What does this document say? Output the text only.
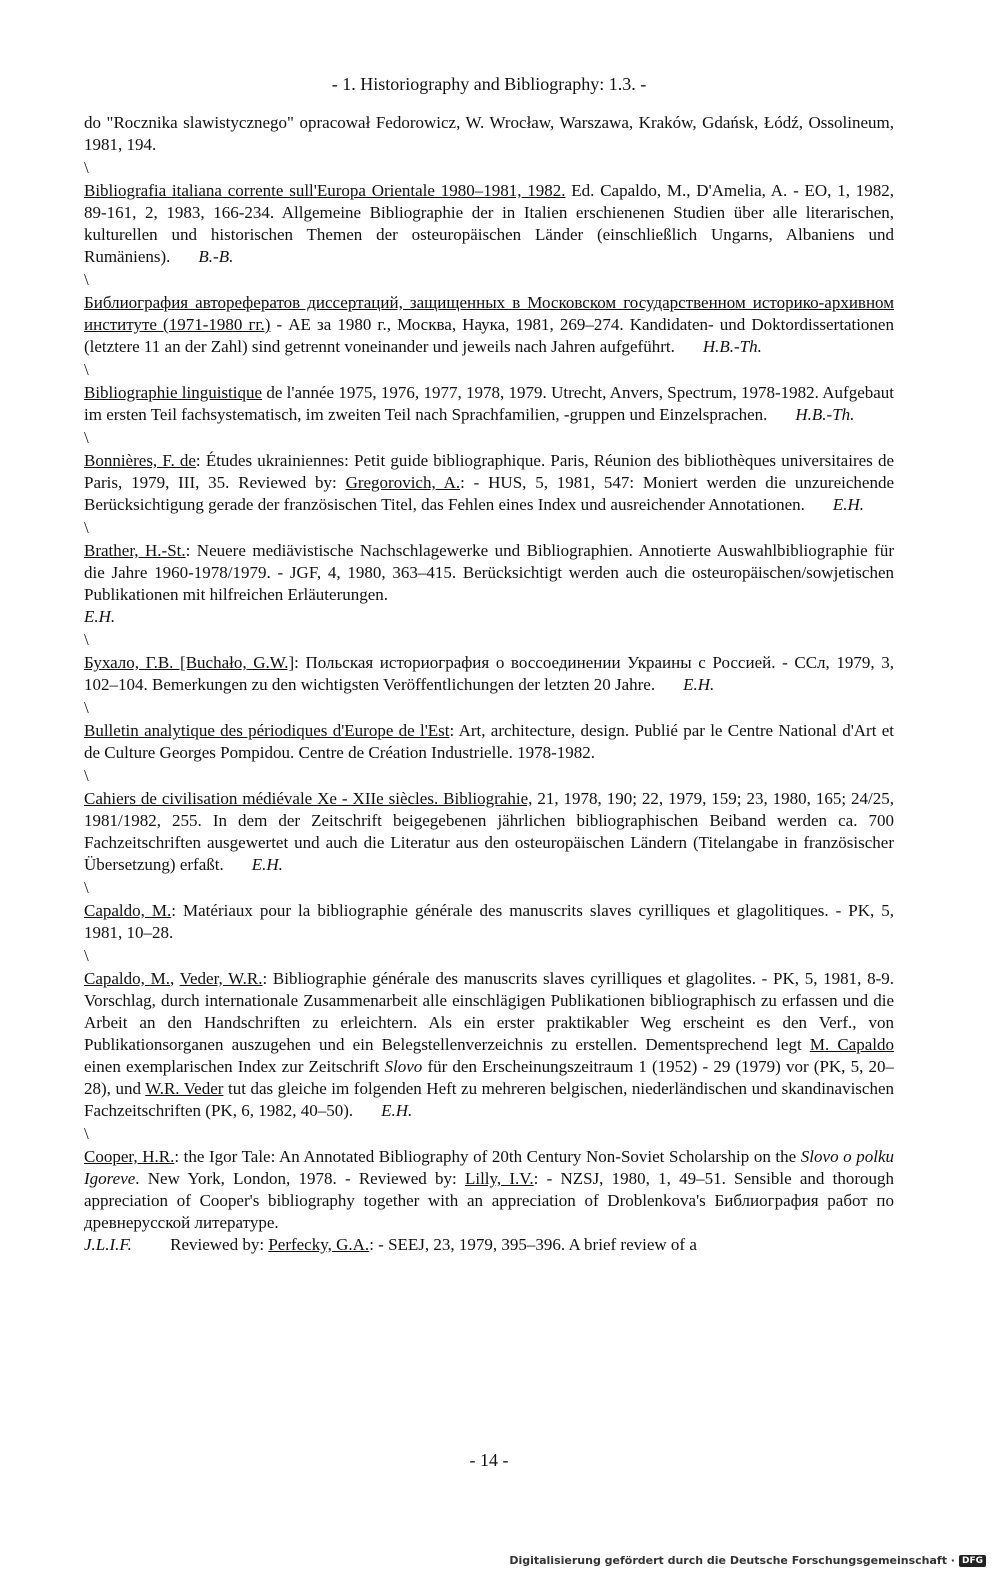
- 1. Historiography and Bibliography: 1.3. -

do "Rocznika slawistycznego" opracował Fedorowicz, W. Wrocław, Warszawa, Kraków, Gdańsk, Łódź, Ossolineum, 1981, 194.

\

Bibliografia italiana corrente sull'Europa Orientale 1980–1981, 1982. Ed. Capaldo, M., D'Amelia, A. - EO, 1, 1982, 89-161, 2, 1983, 166-234. Allgemeine Bibliographie der in Italien erschienenen Studien über alle literarischen, kulturellen und historischen Themen der osteuropäischen Länder (einschließlich Ungarns, Albaniens und Rumäniens). B.-B.

\

Библиография авторефератов диссертаций, защищенных в Московском государственном историко-архивном институте (1971-1980 гг.) - АЕ за 1980 г., Москва, Наука, 1981, 269–274. Kandidaten- und Doktordissertationen (letztere 11 an der Zahl) sind getrennt voneinander und jeweils nach Jahren aufgeführt. H.B.-Th.

\

Bibliographie linguistique de l'année 1975, 1976, 1977, 1978, 1979. Utrecht, Anvers, Spectrum, 1978-1982. Aufgebaut im ersten Teil fachsystematisch, im zweiten Teil nach Sprachfamilien, -gruppen und Einzelsprachen. H.B.-Th.

\

Bonnières, F. de: Études ukrainiennes: Petit guide bibliographique. Paris, Réunion des bibliothèques universitaires de Paris, 1979, III, 35. Reviewed by: Gregorovich, A.: - HUS, 5, 1981, 547: Moniert werden die unzureichende Berücksichtigung gerade der französischen Titel, das Fehlen eines Index und ausreichender Annotationen. E.H.

\

Brather, H.-St.: Neuere mediävistische Nachschlagewerke und Bibliographien. Annotierte Auswahlbibliographie für die Jahre 1960-1978/1979. - JGF, 4, 1980, 363–415. Berücksichtigt werden auch die osteuropäischen/sowjetischen Publikationen mit hilfreichen Erläuterungen.
E.H.

\

Бухало, Г.В. [Buchało, G.W.]: Польская историография о воссоединении Украины с Россией. - ССл, 1979, 3, 102–104. Bemerkungen zu den wichtigsten Veröffentlichungen der letzten 20 Jahre. E.H.

\

Bulletin analytique des périodiques d'Europe de l'Est: Art, architecture, design. Publié par le Centre National d'Art et de Culture Georges Pompidou. Centre de Création Industrielle. 1978-1982.

\

Cahiers de civilisation médiévale Xe - XIIe siècles. Bibliograhie, 21, 1978, 190; 22, 1979, 159; 23, 1980, 165; 24/25, 1981/1982, 255. In dem der Zeitschrift beigegebenen jährlichen bibliographischen Beiband werden ca. 700 Fachzeitschriften ausgewertet und auch die Literatur aus den osteuropäischen Ländern (Titelangabe in französischer Übersetzung) erfaßt. E.H.

\

Capaldo, M.: Matériaux pour la bibliographie générale des manuscrits slaves cyrilliques et glagolitiques. - PK, 5, 1981, 10–28.

\

Capaldo, M., Veder, W.R.: Bibliographie générale des manuscrits slaves cyrilliques et glagolites. - PK, 5, 1981, 8-9. Vorschlag, durch internationale Zusammenarbeit alle einschlägigen Publikationen bibliographisch zu erfassen und die Arbeit an den Handschriften zu erleichtern. Als ein erster praktikabler Weg erscheint es den Verf., von Publikationsorganen auszugehen und ein Belegstellenverzeichnis zu erstellen. Dementsprechend legt M. Capaldo einen exemplarischen Index zur Zeitschrift Slovo für den Erscheinungszeitraum 1 (1952) - 29 (1979) vor (PK, 5, 20–28), und W.R. Veder tut das gleiche im folgenden Heft zu mehreren belgischen, niederländischen und skandinavischen Fachzeitschriften (PK, 6, 1982, 40–50). E.H.

\

Cooper, H.R.: the Igor Tale: An Annotated Bibliography of 20th Century Non-Soviet Scholarship on the Slovo o polku Igoreve. New York, London, 1978. - Reviewed by: Lilly, I.V.: - NZSJ, 1980, 1, 49–51. Sensible and thorough appreciation of Cooper's bibliography together with an appreciation of Droblenkova's Библиография работ по древнерусской литературе.
J.L.I.F. Reviewed by: Perfecky, G.A.: - SEEJ, 23, 1979, 395–396. A brief review of a

- 14 -
Digitalisierung gefördert durch die Deutsche Forschungsgemeinschaft · DFG
